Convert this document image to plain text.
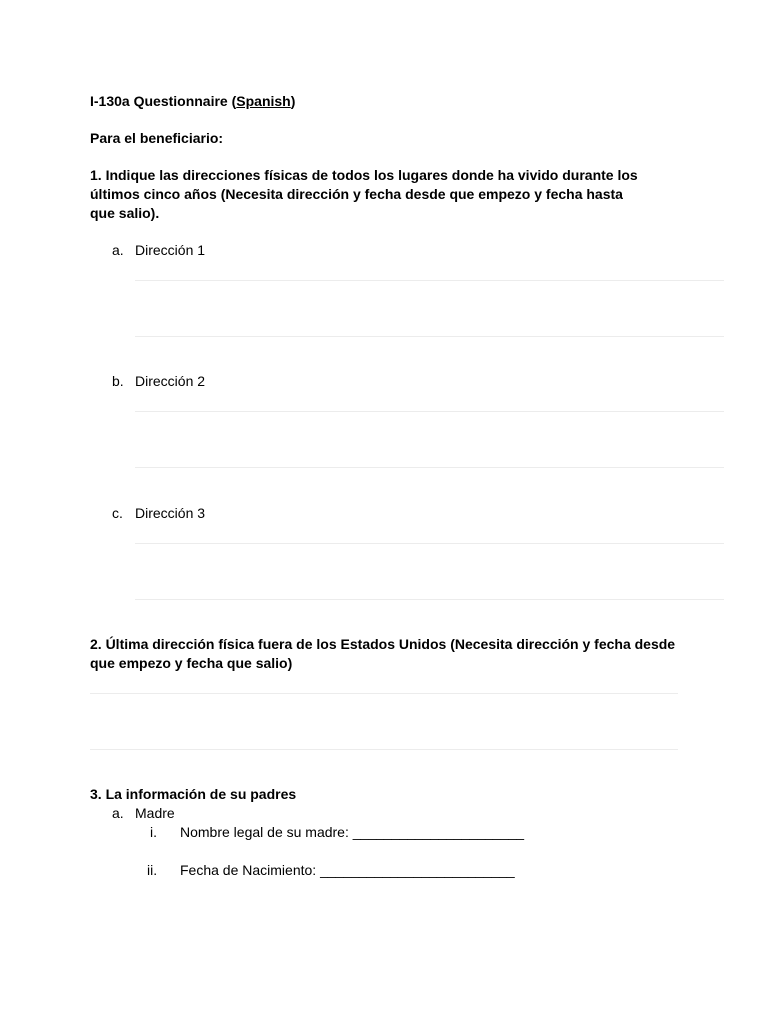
I-130a Questionnaire (Spanish)
Para el beneficiario:
1. Indique las direcciones físicas de todos los lugares donde ha vivido durante los últimos cinco años (Necesita dirección y fecha desde que empezo y fecha hasta que salio).
a. Dirección 1
b. Dirección 2
c. Dirección 3
2. Última dirección física fuera de los Estados Unidos (Necesita dirección y fecha desde que empezo y fecha que salio)
3. La información de su padres
a. Madre
i. Nombre legal de su madre: ______________________
ii. Fecha de Nacimiento: _________________________
